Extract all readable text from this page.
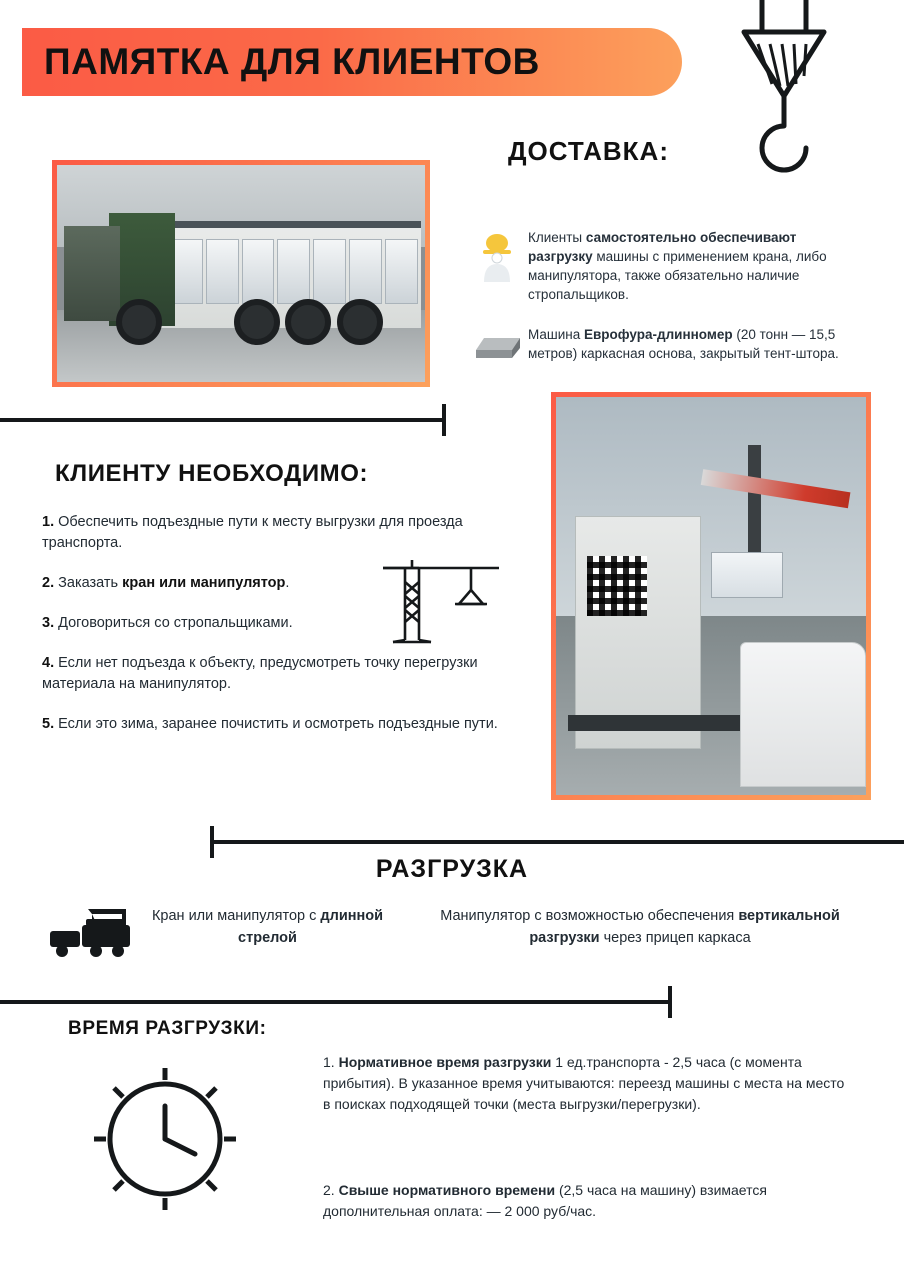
ПАМЯТКА ДЛЯ КЛИЕНТОВ
ДОСТАВКА:
Клиенты самостоятельно обеспечивают разгрузку машины с применением крана, либо манипулятора, также обязательно наличие стропальщиков.
Машина Еврофура-длинномер (20 тонн — 15,5 метров) каркасная основа, закрытый тент-штора.
КЛИЕНТУ НЕОБХОДИМО:

1. Обеспечить подъездные пути к месту выгрузки для проезда транспорта.

2. Заказать кран или манипулятор.

3. Договориться со стропальщиками.

4. Если нет подъезда к объекту, предусмотреть точку перегрузки материала на манипулятор.

5. Если это зима, заранее почистить и осмотреть подъездные пути.

РАЗГРУЗКА
Кран или манипулятор с длинной стрелой
Манипулятор с возможностью обеспечения вертикальной разгрузки через прицеп каркаса
ВРЕМЯ РАЗГРУЗКИ:
1. Нормативное время разгрузки 1 ед.транспорта - 2,5 часа (с момента прибытия). В указанное время учитываются: переезд машины с места на место в поисках подходящей точки (места выгрузки/перегрузки).
2. Свыше нормативного времени (2,5 часа на машину) взимается дополнительная оплата: — 2 000 руб/час.
